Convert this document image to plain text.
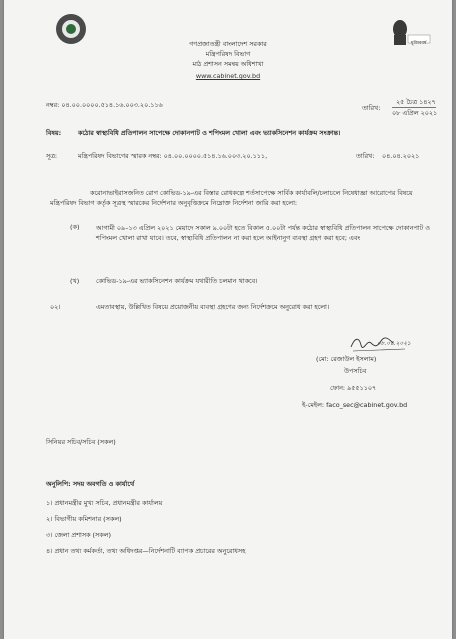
মুজিববর্ষ
গণপ্রজাতন্ত্রী বাংলাদেশ সরকার
মন্ত্রিপরিষদ বিভাগ
মাঠ প্রশাসন সমন্বয় অধিশাখা
www.cabinet.gov.bd
নম্বর: ০৪.০০.০০০০.৫১৪.১৬.০০৩.২০.১১৬	তারিখ:
২৫ চৈত্র ১৪২৭
০৮ এপ্রিল ২০২১
বিষয়:	কঠোর স্বাস্থ্যবিধি প্রতিপালন সাপেক্ষে দোকানপাট ও শপিংমল খোলা এবং ভ্যাকসিনেশন কার্যক্রম সংক্রান্ত।
সূত্র:	মন্ত্রিপরিষদ বিভাগের স্মারক নম্বর: ০৪.০০.০০০০.৫১৪.১৬.০০৩.২০.১১১,	তারিখ: ০৪.০৪.২০২১
করোনাভাইরাসজনিত রোগ কোভিড-১৯-এর বিস্তার রোধকল্পে শর্তসাপেক্ষে সার্বিক কার্যাবলি/চলাচলে নিষেধাজ্ঞা আরোপের বিষয়ে মন্ত্রিপরিষদ বিভাগ কর্তৃক সূত্রস্থ স্মারকের নির্দেশনার অনুবৃত্তিক্রমে নিম্নোক্ত নির্দেশনা জারি করা হলো:
(ক)	আগামী ০৯–১৩ এপ্রিল ২০২১ মেয়াদে সকাল ৯.০০টা হতে বিকাল ৫.০০টা পর্যন্ত কঠোর স্বাস্থ্যবিধি প্রতিপালন সাপেক্ষে দোকানপাট ও শপিংমল খোলা রাখা যাবে। তবে, স্বাস্থ্যবিধি প্রতিপালন না করা হলে আইনানুগ ব্যবস্থা গ্রহণ করা হবে; এবং
(খ)	কোভিড-১৯-এর ভ্যাকসিনেশন কার্যক্রম যথারীতি চলমান থাকবে।
০২।	এমতাবস্থায়, উল্লিখিত বিষয়ে প্রয়োজনীয় ব্যবস্থা গ্রহণের জন্য নির্দেশক্রমে অনুরোধ করা হলো।
০৮.০৪.২০২১
(মো: রেজাউল ইসলাম)
উপসচিব
ফোন: ৯৫৫১১০৭
ই-মেইল: faco_sec@cabinet.gov.bd
সিনিয়র সচিব/সচিব (সকল)
অনুলিপি: সদয় অবগতি ও কার্যার্থে
১। প্রধানমন্ত্রীর মুখ্য সচিব, প্রধানমন্ত্রীর কার্যালয়
২। বিভাগীয় কমিশনার (সকল)
৩। জেলা প্রশাসক (সকল)
৪। প্রধান তথ্য কর্মকর্তা, তথ্য অধিদপ্তর—নির্দেশনাটি ব্যাপক প্রচারের অনুরোধসহ
